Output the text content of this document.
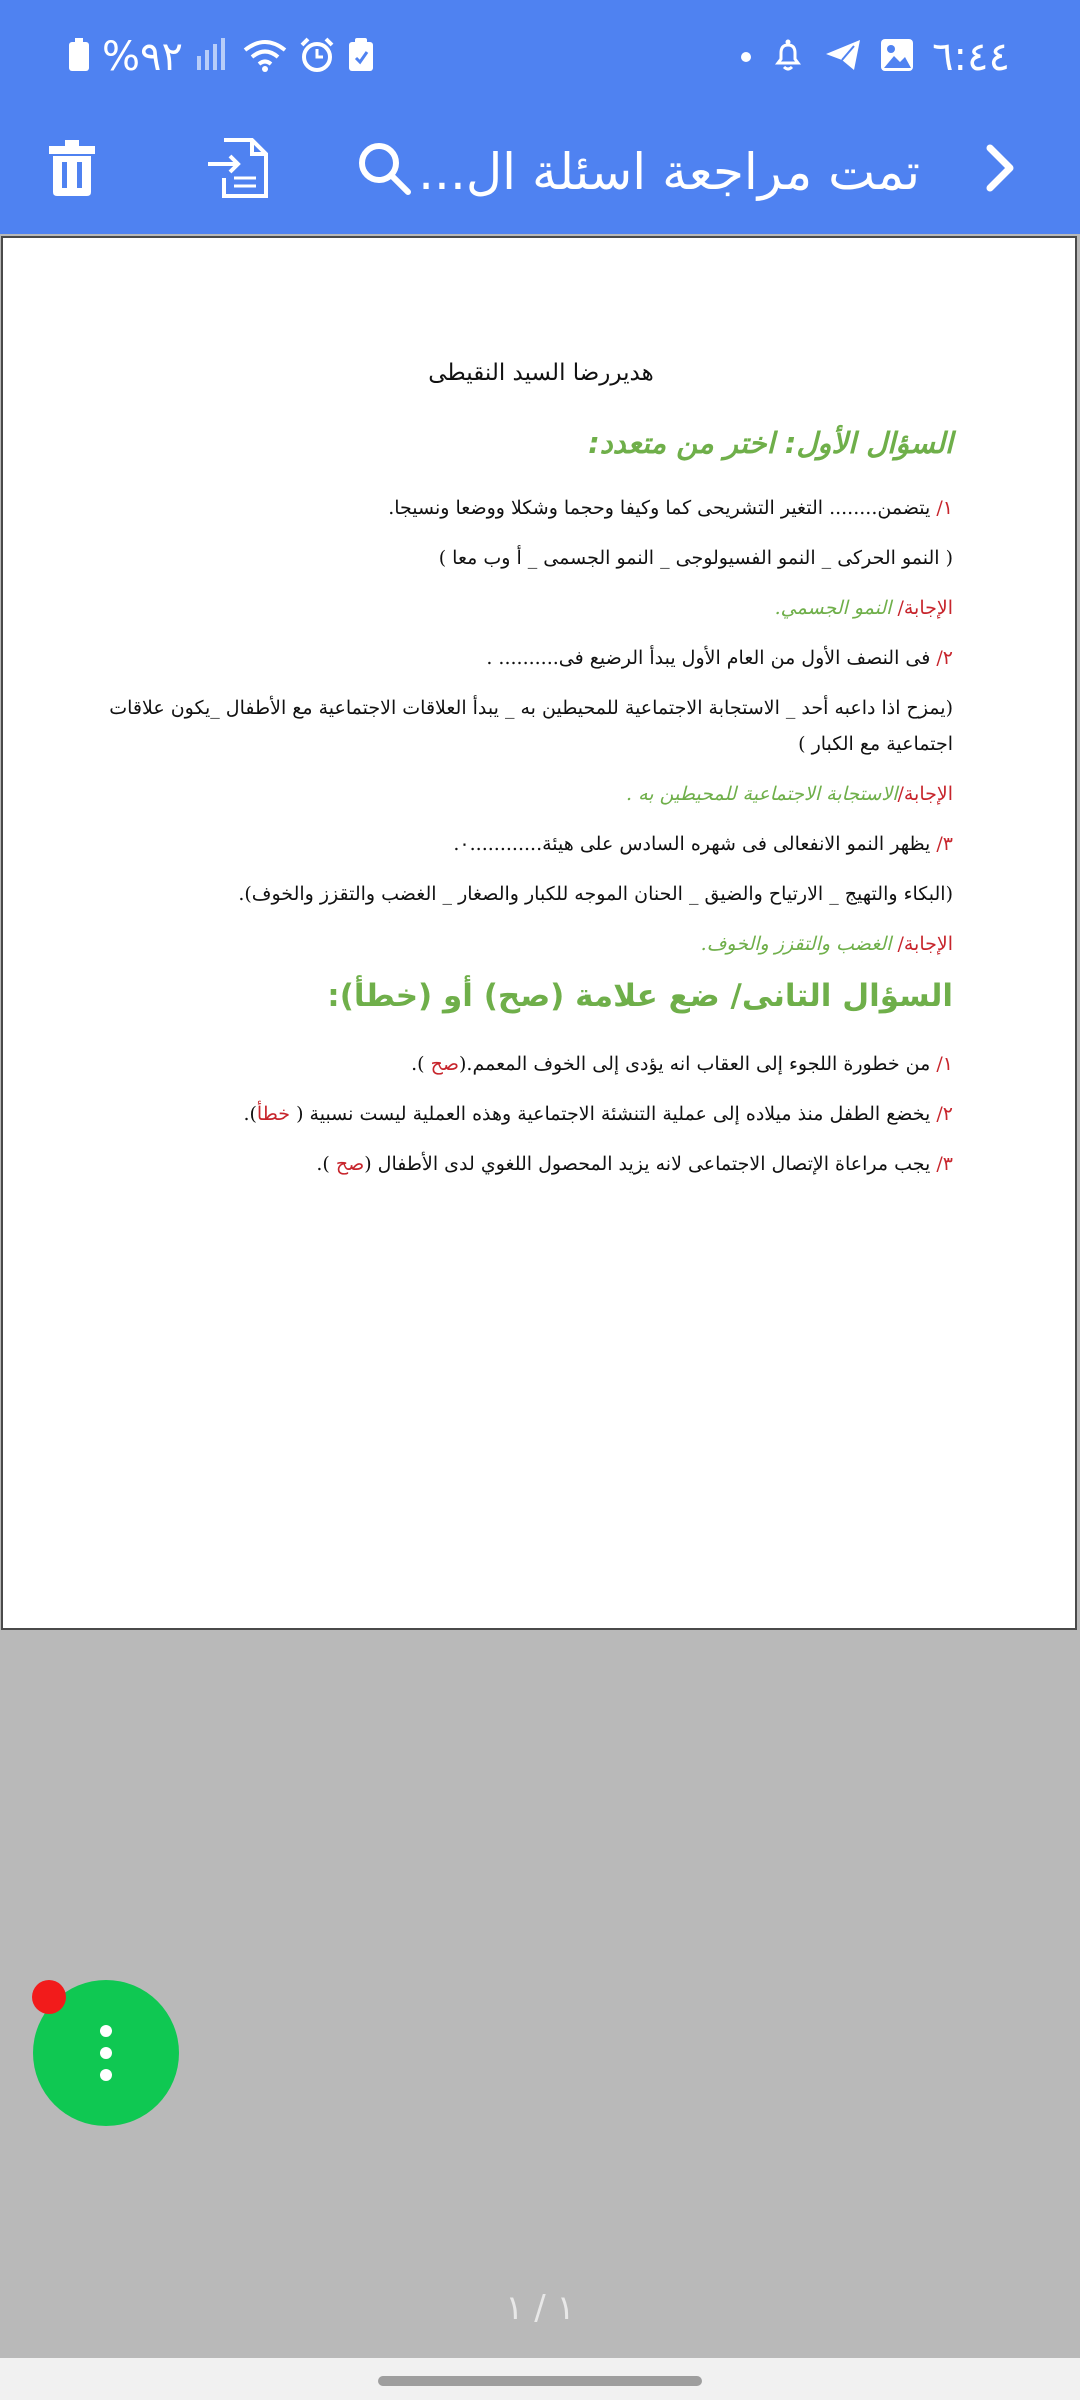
%٩٢	٦:٤٤
تمت مراجعة اسئلة ال...
هديررضا السيد النقيطى
السؤال الأول: اختر من متعدد:
١/ يتضمن........ التغير التشريحى كما وكيفا وحجما وشكلا ووضعا ونسيجا.
( النمو الحركى _ النمو الفسيولوجى _ النمو الجسمى _ أ وب معا )
الإجابة/ النمو الجسمي.
٢/ فى النصف الأول من العام الأول يبدأ الرضيع فى.......... .
(يمزح اذا داعبه أحد _ الاستجابة الاجتماعية للمحيطين به _ يبدأ العلاقات الاجتماعية مع الأطفال _يكون علاقات
اجتماعية مع الكبار )
الإجابة/الاستجابة الاجتماعية للمحيطين به .
٣/ يظهر النمو الانفعالى فى شهره السادس على هيئة............٠.
(البكاء والتهيج _ الارتياح والضيق _ الحنان الموجه للكبار والصغار _ الغضب والتقزز والخوف).
الإجابة/ الغضب والتقزز والخوف.
السؤال التانى/ ضع علامة (صح) أو (خطأ):
١/ من خطورة اللجوء إلى العقاب انه يؤدى إلى الخوف المعمم.(صح ).
٢/ يخضع الطفل منذ ميلاده إلى عملية التنشئة الاجتماعية وهذه العملية ليست نسبية ( خطأ).
٣/ يجب مراعاة الإتصال الاجتماعى لانه يزيد المحصول اللغوي لدى الأطفال (صح ).
١ / ١
